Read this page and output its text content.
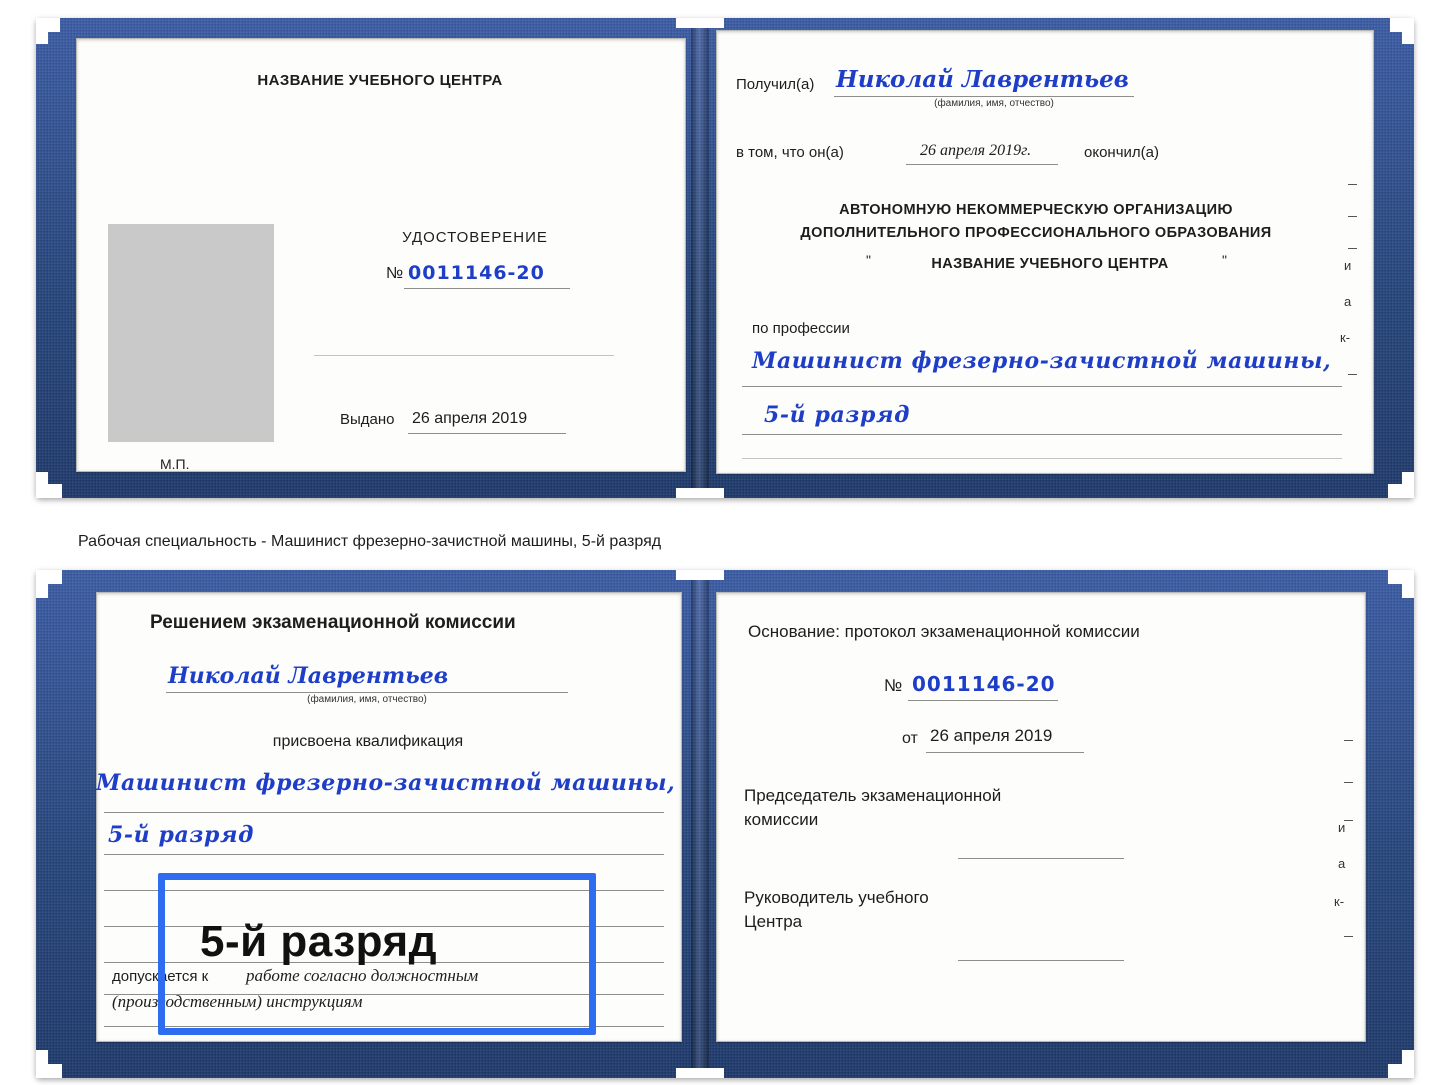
НАЗВАНИЕ УЧЕБНОГО ЦЕНТРА
УДОСТОВЕРЕНИЕ
№ 0011146-20
Выдано 26 апреля 2019
М.П.
Получил(а) Николай Лаврентьев
(фамилия, имя, отчество)
в том, что он(а)	26 апреля 2019г.	окончил(а)
АВТОНОМНУЮ НЕКОММЕРЧЕСКУЮ ОРГАНИЗАЦИЮ
ДОПОЛНИТЕЛЬНОГО ПРОФЕССИОНАЛЬНОГО ОБРАЗОВАНИЯ
"	НАЗВАНИЕ УЧЕБНОГО ЦЕНТРА	"
по профессии
Машинист фрезерно-зачистной машины,
5-й разряд
и
а
к-
Рабочая специальность - Машинист фрезерно-зачистной машины, 5-й разряд
Решением экзаменационной комиссии
Николай Лаврентьев
(фамилия, имя, отчество)
присвоена квалификация
Машинист фрезерно-зачистной машины,
5-й разряд
допускается к работе согласно должностным
(производственным) инструкциям
5-й разряд
Основание: протокол экзаменационной комиссии
№ 0011146-20
от 26 апреля 2019
Председатель экзаменационной
комиссии
Руководитель учебного
Центра
и
а
к-
